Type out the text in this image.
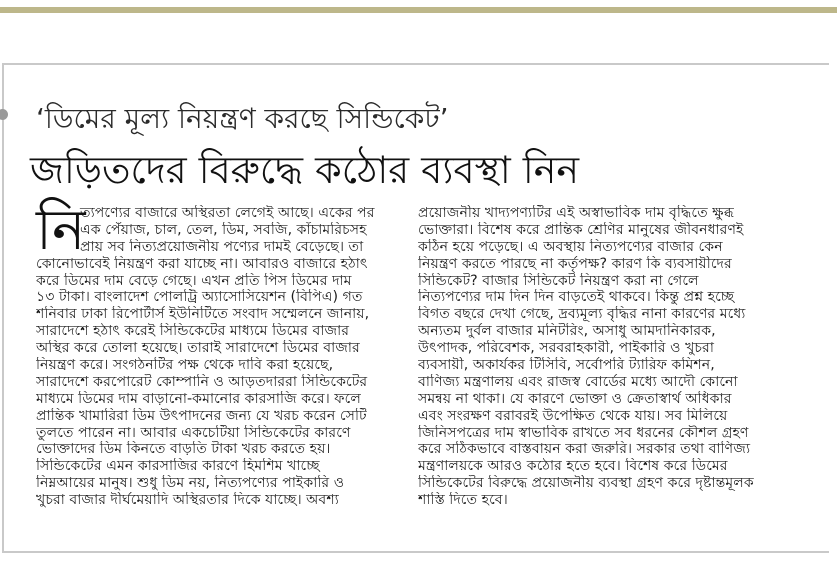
‘ডিমের মূল্য নিয়ন্ত্রণ করছে সিন্ডিকেট’
জড়িতদের বিরুদ্ধে কঠোর ব্যবস্থা নিন
নি
ত্যপণ্যের বাজারে অস্থিরতা লেগেই আছে। একের পর
এক পেঁয়াজ, চাল, তেল, ডিম, সবজি, কাঁচামরিচসহ
প্রায় সব নিত্যপ্রয়োজনীয় পণ্যের দামই বেড়েছে। তা
কোনোভাবেই নিয়ন্ত্রণ করা যাচ্ছে না। আবারও বাজারে হঠাৎ
করে ডিমের দাম বেড়ে গেছে। এখন প্রতি পিস ডিমের দাম
১৩ টাকা। বাংলাদেশ পোলট্রি অ্যাসোসিয়েশন (বিপিএ) গত
শনিবার ঢাকা রিপোর্টার্স ইউনিটিতে সংবাদ সম্মেলনে জানায়,
সারাদেশে হঠাৎ করেই সিন্ডিকেটের মাধ্যমে ডিমের বাজার
অস্থির করে তোলা হয়েছে। তারাই সারাদেশে ডিমের বাজার
নিয়ন্ত্রণ করে। সংগঠনটির পক্ষ থেকে দাবি করা হয়েছে,
সারাদেশে করপোরেট কোম্পানি ও আড়তদাররা সিন্ডিকেটের
মাধ্যমে ডিমের দাম বাড়ানো-কমানোর কারসাজি করে। ফলে
প্রান্তিক খামারিরা ডিম উৎপাদনের জন্য যে খরচ করেন সেটি
তুলতে পারেন না। আবার একচেটিয়া সিন্ডিকেটের কারণে
ভোক্তাদের ডিম কিনতে বাড়তি টাকা খরচ করতে হয়।
সিন্ডিকেটের এমন কারসাজির কারণে হিমশিম খাচ্ছে
নিম্নআয়ের মানুষ। শুধু ডিম নয়, নিত্যপণ্যের পাইকারি ও
খুচরা বাজার দীর্ঘমেয়াদি অস্থিরতার দিকে যাচ্ছে। অবশ্য
প্রয়োজনীয় খাদ্যপণ্যটির এই অস্বাভাবিক দাম বৃদ্ধিতে ক্ষুব্ধ
ভোক্তারা। বিশেষ করে প্রান্তিক শ্রেণির মানুষের জীবনধারণই
কঠিন হয়ে পড়েছে। এ অবস্থায় নিত্যপণ্যের বাজার কেন
নিয়ন্ত্রণ করতে পারছে না কর্তৃপক্ষ? কারণ কি ব্যবসায়ীদের
সিন্ডিকেট? বাজার সিন্ডিকেট নিয়ন্ত্রণ করা না গেলে
নিত্যপণ্যের দাম দিন দিন বাড়তেই থাকবে। কিন্তু প্রশ্ন হচ্ছে
বিগত বছরে দেখা গেছে, দ্রব্যমূল্য বৃদ্ধির নানা কারণের মধ্যে
অন্যতম দুর্বল বাজার মনিটরিং, অসাধু আমদানিকারক,
উৎপাদক, পরিবেশক, সরবরাহকারী, পাইকারি ও খুচরা
ব্যবসায়ী, অকার্যকর টিসিবি, সর্বোপরি ট্যারিফ কমিশন,
বাণিজ্য মন্ত্রণালয় এবং রাজস্ব বোর্ডের মধ্যে আদৌ কোনো
সমন্বয় না থাকা। যে কারণে ভোক্তা ও ক্রেতাস্বার্থ অধিকার
এবং সংরক্ষণ বরাবরই উপেক্ষিত থেকে যায়। সব মিলিয়ে
জিনিসপত্রের দাম স্বাভাবিক রাখতে সব ধরনের কৌশল গ্রহণ
করে সঠিকভাবে বাস্তবায়ন করা জরুরি। সরকার তথা বাণিজ্য
মন্ত্রণালয়কে আরও কঠোর হতে হবে। বিশেষ করে ডিমের
সিন্ডিকেটের বিরুদ্ধে প্রয়োজনীয় ব্যবস্থা গ্রহণ করে দৃষ্টান্তমূলক
শাস্তি দিতে হবে।
